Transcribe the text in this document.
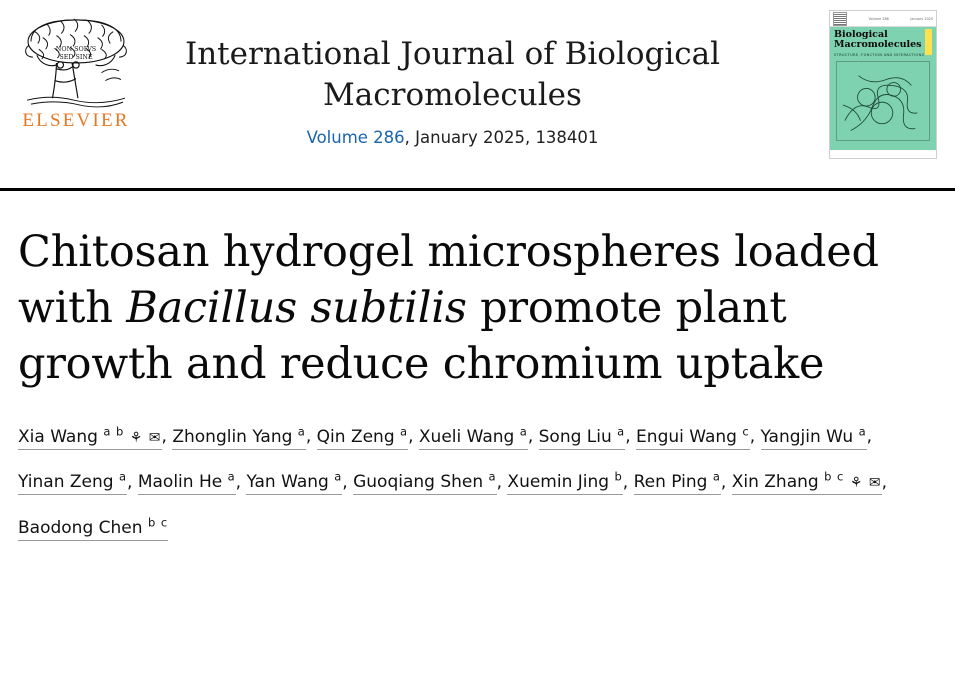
NON SOLVS
SED SINE
ELSEVIER
International Journal of Biological
Macromolecules
Volume 286, January 2025, 138401
Volume 286	January 2025
Biological
Macromolecules
STRUCTURE, FUNCTION AND INTERACTIONS
Chitosan hydrogel microspheres loaded with Bacillus subtilis promote plant growth and reduce chromium uptake
Xia Wang $^{a b}$ ⚘ ✉, Zhonglin Yang $^a$, Qin Zeng $^a$, Xueli Wang $^a$, Song Liu $^a$, Engui Wang $^c$, Yangjin Wu $^a$, Yinan Zeng $^a$, Maolin He $^a$, Yan Wang $^a$, Guoqiang Shen $^a$, Xuemin Jing $^b$, Ren Ping $^a$, Xin Zhang $^{b c}$ ⚘ ✉, Baodong Chen $^{b c}$
